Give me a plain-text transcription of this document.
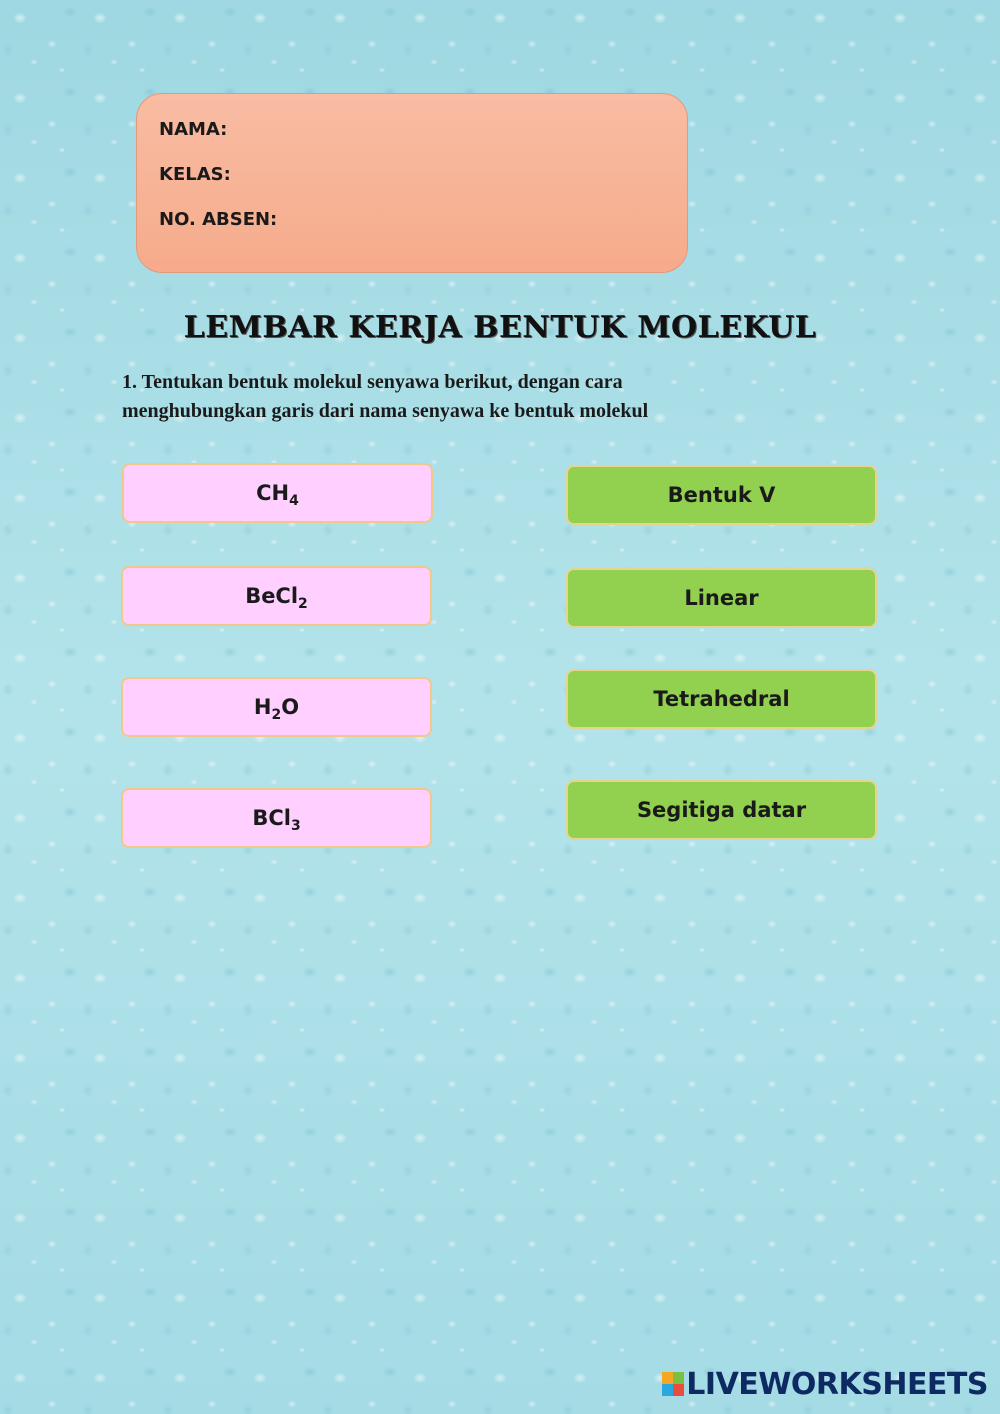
NAMA:
KELAS:
NO. ABSEN:
LEMBAR KERJA BENTUK MOLEKUL
1. Tentukan bentuk molekul senyawa berikut, dengan cara
menghubungkan garis dari nama senyawa ke bentuk molekul
$CH_4$
BeCl$_2$
$H_2O$
BCl$_3$
Bentuk V
Linear
Tetrahedral
Segitiga datar
LIVEWORKSHEETS
